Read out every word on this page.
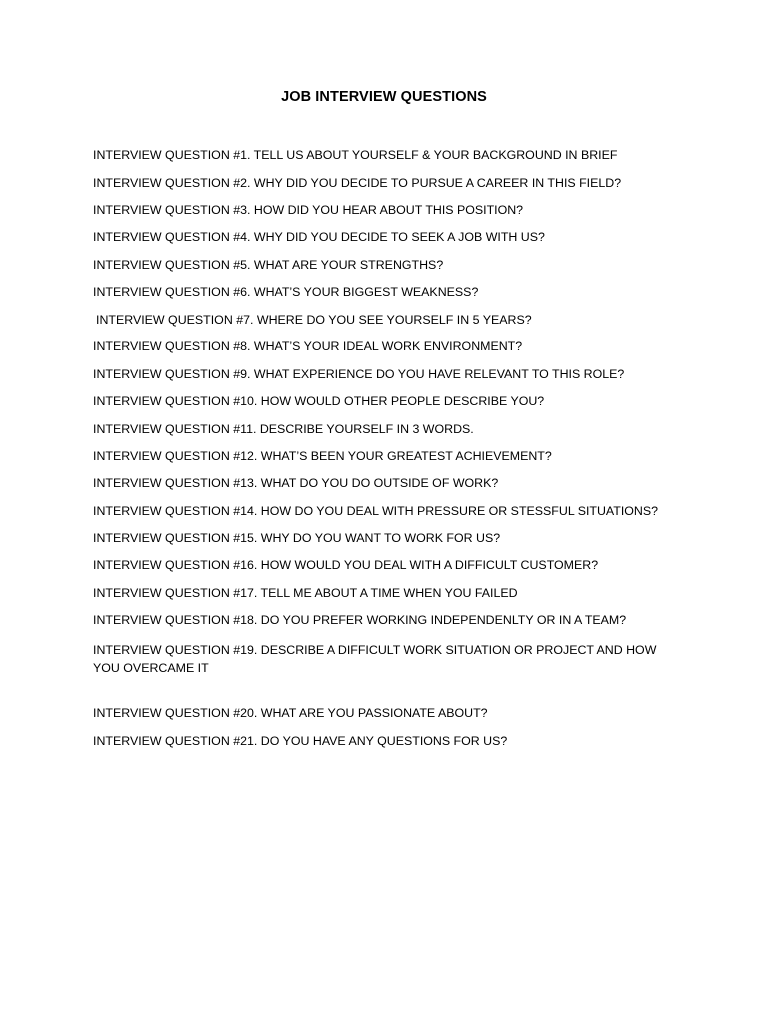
JOB INTERVIEW QUESTIONS

INTERVIEW QUESTION #1. TELL US ABOUT YOURSELF & YOUR BACKGROUND IN BRIEF

INTERVIEW QUESTION #2. WHY DID YOU DECIDE TO PURSUE A CAREER IN THIS FIELD?

INTERVIEW QUESTION #3. HOW DID YOU HEAR ABOUT THIS POSITION?

INTERVIEW QUESTION #4. WHY DID YOU DECIDE TO SEEK A JOB WITH US?

INTERVIEW QUESTION #5. WHAT ARE YOUR STRENGTHS?

INTERVIEW QUESTION #6. WHAT’S YOUR BIGGEST WEAKNESS?

INTERVIEW QUESTION #7. WHERE DO YOU SEE YOURSELF IN 5 YEARS?

INTERVIEW QUESTION #8. WHAT’S YOUR IDEAL WORK ENVIRONMENT?

INTERVIEW QUESTION #9. WHAT EXPERIENCE DO YOU HAVE RELEVANT TO THIS ROLE?

INTERVIEW QUESTION #10. HOW WOULD OTHER PEOPLE DESCRIBE YOU?

INTERVIEW QUESTION #11. DESCRIBE YOURSELF IN 3 WORDS.

INTERVIEW QUESTION #12. WHAT’S BEEN YOUR GREATEST ACHIEVEMENT?

INTERVIEW QUESTION #13. WHAT DO YOU DO OUTSIDE OF WORK?

INTERVIEW QUESTION #14. HOW DO YOU DEAL WITH PRESSURE OR STESSFUL SITUATIONS?

INTERVIEW QUESTION #15. WHY DO YOU WANT TO WORK FOR US?

INTERVIEW QUESTION #16. HOW WOULD YOU DEAL WITH A DIFFICULT CUSTOMER?

INTERVIEW QUESTION #17. TELL ME ABOUT A TIME WHEN YOU FAILED

INTERVIEW QUESTION #18. DO YOU PREFER WORKING INDEPENDENLTY OR IN A TEAM?

INTERVIEW QUESTION #19. DESCRIBE A DIFFICULT WORK SITUATION OR PROJECT AND HOW YOU OVERCAME IT

INTERVIEW QUESTION #20. WHAT ARE YOU PASSIONATE ABOUT?

INTERVIEW QUESTION #21. DO YOU HAVE ANY QUESTIONS FOR US?
